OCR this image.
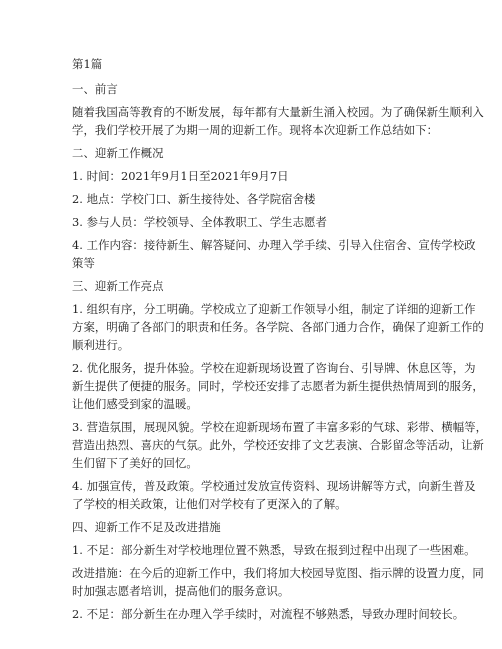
第1篇
一、前言
随着我国高等教育的不断发展，每年都有大量新生涌入校园。为了确保新生顺利入
学，我们学校开展了为期一周的迎新工作。现将本次迎新工作总结如下：
二、迎新工作概况
1. 时间：2021年9月1日至2021年9月7日
2. 地点：学校门口、新生接待处、各学院宿舍楼
3. 参与人员：学校领导、全体教职工、学生志愿者
4. 工作内容：接待新生、解答疑问、办理入学手续、引导入住宿舍、宣传学校政
策等
三、迎新工作亮点
1. 组织有序，分工明确。学校成立了迎新工作领导小组，制定了详细的迎新工作
方案，明确了各部门的职责和任务。各学院、各部门通力合作，确保了迎新工作的
顺利进行。
2. 优化服务，提升体验。学校在迎新现场设置了咨询台、引导牌、休息区等，为
新生提供了便捷的服务。同时，学校还安排了志愿者为新生提供热情周到的服务，
让他们感受到家的温暖。
3. 营造氛围，展现风貌。学校在迎新现场布置了丰富多彩的气球、彩带、横幅等，
营造出热烈、喜庆的气氛。此外，学校还安排了文艺表演、合影留念等活动，让新
生们留下了美好的回忆。
4. 加强宣传，普及政策。学校通过发放宣传资料、现场讲解等方式，向新生普及
了学校的相关政策，让他们对学校有了更深入的了解。
四、迎新工作不足及改进措施
1. 不足：部分新生对学校地理位置不熟悉，导致在报到过程中出现了一些困难。
改进措施：在今后的迎新工作中，我们将加大校园导览图、指示牌的设置力度，同
时加强志愿者培训，提高他们的服务意识。
2. 不足：部分新生在办理入学手续时，对流程不够熟悉，导致办理时间较长。
